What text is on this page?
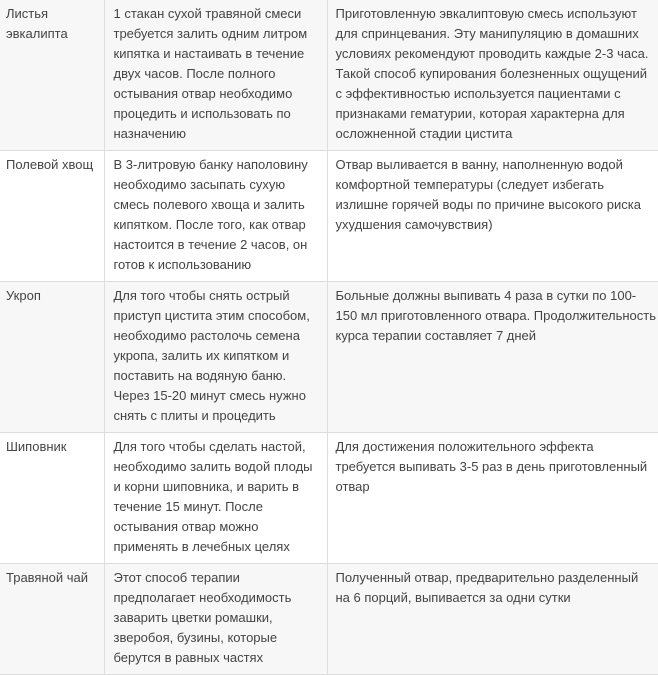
Листья эвкалипта	1 стакан сухой травяной смеси требуется залить одним литром кипятка и настаивать в течение двух часов. После полного остывания отвар необходимо процедить и использовать по назначению	Приготовленную эвкалиптовую смесь используют для спринцевания. Эту манипуляцию в домашних условиях рекомендуют проводить каждые 2-3 часа. Такой способ купирования болезненных ощущений с эффективностью используется пациентами с признаками гематурии, которая характерна для осложненной стадии цистита
Полевой хвощ	В 3-литровую банку наполовину необходимо засыпать сухую смесь полевого хвоща и залить кипятком. После того, как отвар настоится в течение 2 часов, он готов к использованию	Отвар выливается в ванну, наполненную водой комфортной температуры (следует избегать излишне горячей воды по причине высокого риска ухудшения самочувствия)
Укроп	Для того чтобы снять острый приступ цистита этим способом, необходимо растолочь семена укропа, залить их кипятком и поставить на водяную баню. Через 15-20 минут смесь нужно снять с плиты и процедить	Больные должны выпивать 4 раза в сутки по 100-150 мл приготовленного отвара. Продолжительность курса терапии составляет 7 дней
Шиповник	Для того чтобы сделать настой, необходимо залить водой плоды и корни шиповника, и варить в течение 15 минут. После остывания отвар можно применять в лечебных целях	Для достижения положительного эффекта требуется выпивать 3-5 раз в день приготовленный отвар
Травяной чай	Этот способ терапии предполагает необходимость заварить цветки ромашки, зверобоя, бузины, которые берутся в равных частях	Полученный отвар, предварительно разделенный на 6 порций, выпивается за одни сутки
